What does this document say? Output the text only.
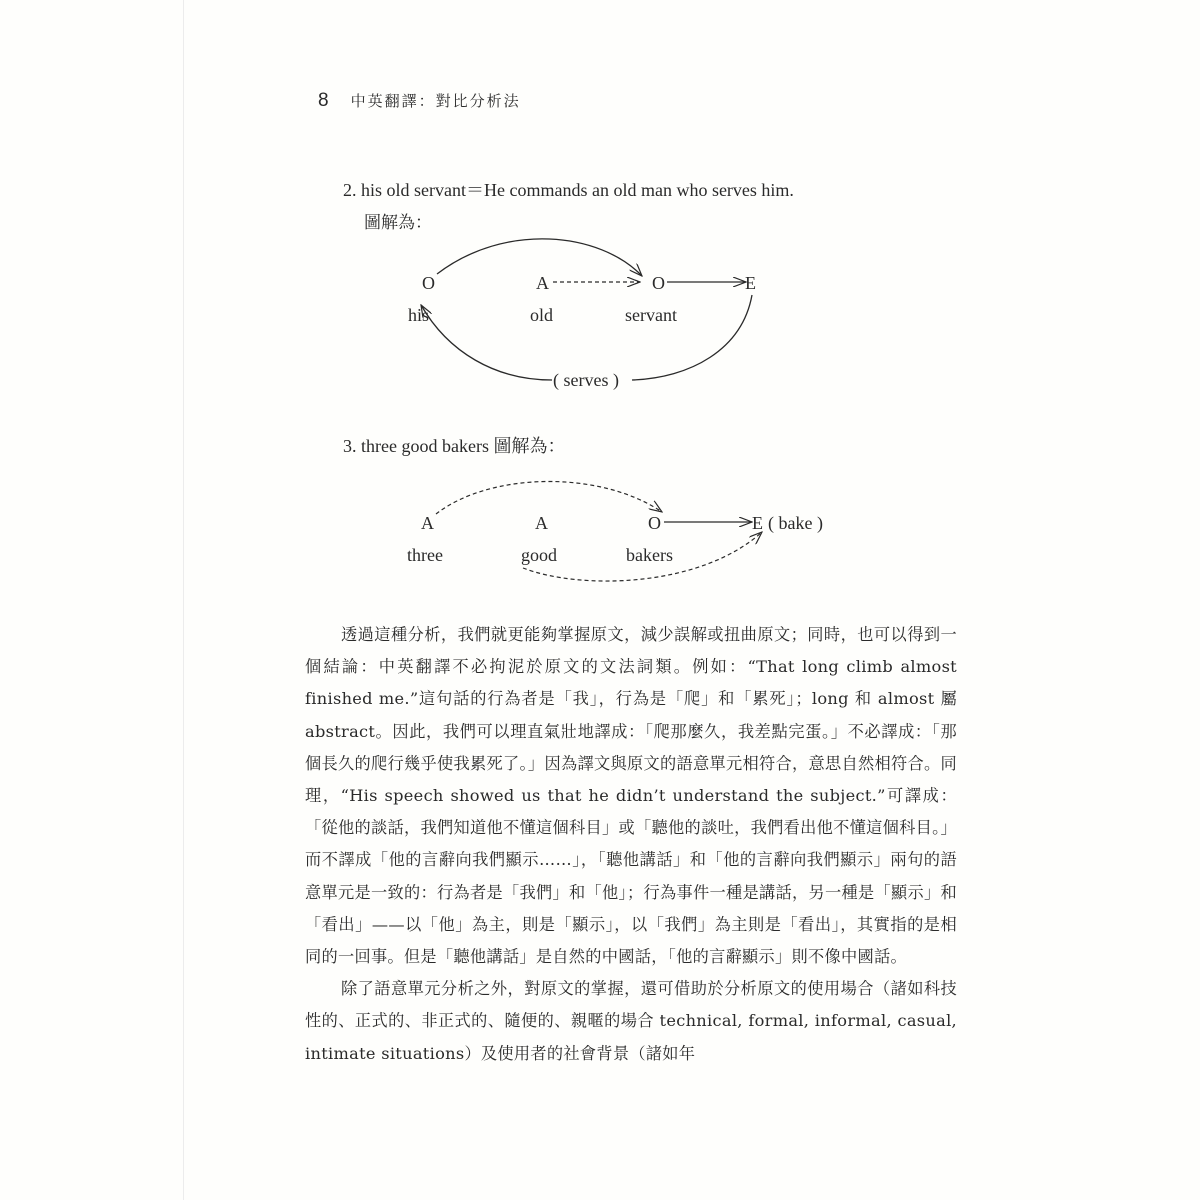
8 中英翻譯：對比分析法
2. his old servant＝He commands an old man who serves him.
圖解為：
O	A	O	E
his	old	servant
( serves )
3. three good bakers 圖解為：
A	A	O	E ( bake )
three	good	bakers

透過這種分析，我們就更能夠掌握原文，減少誤解或扭曲原文；同時，也可以得到一個結論：中英翻譯不必拘泥於原文的文法詞類。例如：“That long climb almost finished me.”這句話的行為者是「我」，行為是「爬」和「累死」；long 和 almost 屬 abstract。因此，我們可以理直氣壯地譯成：「爬那麼久，我差點完蛋。」不必譯成：「那個長久的爬行幾乎使我累死了。」因為譯文與原文的語意單元相符合，意思自然相符合。同理，“His speech showed us that he didn’t understand the subject.”可譯成：「從他的談話，我們知道他不懂這個科目」或「聽他的談吐，我們看出他不懂這個科目。」而不譯成「他的言辭向我們顯示……」，「聽他講話」和「他的言辭向我們顯示」兩句的語意單元是一致的：行為者是「我們」和「他」；行為事件一種是講話，另一種是「顯示」和「看出」——以「他」為主，則是「顯示」，以「我們」為主則是「看出」，其實指的是相同的一回事。但是「聽他講話」是自然的中國話，「他的言辭顯示」則不像中國話。

除了語意單元分析之外，對原文的掌握，還可借助於分析原文的使用場合（諸如科技性的、正式的、非正式的、隨便的、親暱的場合 technical, formal, informal, casual, intimate situations）及使用者的社會背景（諸如年
